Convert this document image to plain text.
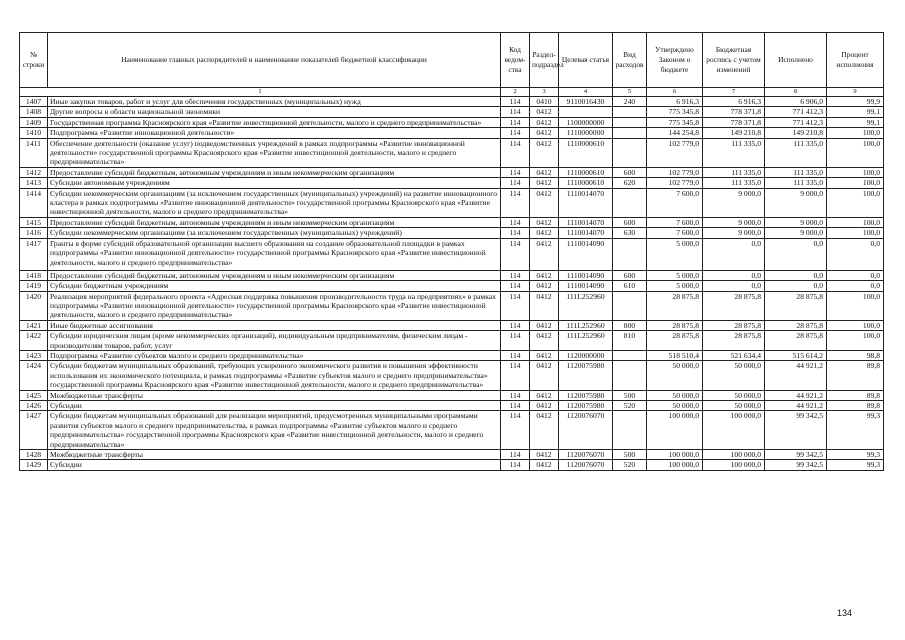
№ строки	Наименование главных распорядителей и наименование показателей бюджетной классификации	Код ведом-ства	Раздел-подраздел	Целевая статья	Вид расходов	Утверждено Законом о бюджете	Бюджетная роспись с учетом изменений	Исполнено	Процент исполнения
1		2	3	4	5	6	7	8	9
1407	Иные закупки товаров, работ и услуг для обеспечения государственных (муниципальных) нужд	114	0410	9110016430	240	6 916,3	6 916,3	6 906,0	99,9
1408	Другие вопросы в области национальной экономики	114	0412			775 345,8	778 371,8	771 412,3	99,1
1409	Государственная программа Красноярского края «Развитие инвестиционной деятельности, малого и среднего предпринимательства»	114	0412	1100000000		775 345,8	778 371,8	771 412,3	99,1
1410	Подпрограмма «Развитие инновационной деятельности»	114	0412	1110000000		144 254,8	149 210,8	149 210,8	100,0
1411	Обеспечение деятельности (оказание услуг) подведомственных учреждений в рамках подпрограммы «Развитие инновационной деятельности» государственной программы Красноярского края «Развитие инвестиционной деятельности, малого и среднего предпринимательства»	114	0412	1110000610		102 779,0	111 335,0	111 335,0	100,0
1412	Предоставление субсидий бюджетным, автономным учреждениям и иным некоммерческим организациям	114	0412	1110000610	600	102 779,0	111 335,0	111 335,0	100,0
1413	Субсидии автономным учреждениям	114	0412	1110000610	620	102 779,0	111 335,0	111 335,0	100,0
1414	Субсидии некоммерческим организациям (за исключением государственных (муниципальных) учреждений) на развитие инновационного кластера в рамках подпрограммы «Развитие инновационной деятельности» государственной программы Красноярского края «Развитие инвестиционной деятельности, малого и среднего предпринимательства»	114	0412	1110014070		7 600,0	9 000,0	9 000,0	100,0
1415	Предоставление субсидий бюджетным, автономным учреждениям и иным некоммерческим организациям	114	0412	1110014070	600	7 600,0	9 000,0	9 000,0	100,0
1416	Субсидии некоммерческим организациям (за исключением государственных (муниципальных) учреждений)	114	0412	1110014070	630	7 600,0	9 000,0	9 000,0	100,0
1417	Гранты в форме субсидий образовательной организации высшего образования на создание образовательной площадки в рамках подпрограммы «Развитие инновационной деятельности» государственной программы Красноярского края «Развитие инвестиционной деятельности, малого и среднего предпринимательства»	114	0412	1110014090		5 000,0	0,0	0,0	0,0
1418	Предоставление субсидий бюджетным, автономным учреждениям и иным некоммерческим организациям	114	0412	1110014090	600	5 000,0	0,0	0,0	0,0
1419	Субсидии бюджетным учреждениям	114	0412	1110014090	610	5 000,0	0,0	0,0	0,0
1420	Реализация мероприятий федерального проекта «Адресная поддержка повышения производительности труда на предприятиях» в рамках подпрограммы «Развитие инновационной деятельности» государственной программы Красноярского края «Развитие инвестиционной деятельности, малого и среднего предпринимательства»	114	0412	111L252960		28 875,8	28 875,8	28 875,8	100,0
1421	Иные бюджетные ассигнования	114	0412	111L252960	800	28 875,8	28 875,8	28 875,8	100,0
1422	Субсидии юридическим лицам (кроме некоммерческих организаций), индивидуальным предпринимателям, физическим лицам - производителям товаров, работ, услуг	114	0412	111L252960	810	28 875,8	28 875,8	28 875,8	100,0
1423	Подпрограмма «Развитие субъектов малого и среднего предпринимательства»	114	0412	1120000000		518 510,4	521 634,4	515 614,2	98,8
1424	Субсидии бюджетам муниципальных образований, требующих ускоренного экономического развития и повышения эффективности использования их экономического потенциала, в рамках подпрограммы «Развитие субъектов малого и среднего предпринимательства» государственной программы Красноярского края «Развитие инвестиционной деятельности, малого и среднего предпринимательства»	114	0412	1120075980		50 000,0	50 000,0	44 921,2	89,8
1425	Межбюджетные трансферты	114	0412	1120075980	500	50 000,0	50 000,0	44 921,2	89,8
1426	Субсидии	114	0412	1120075980	520	50 000,0	50 000,0	44 921,2	89,8
1427	Субсидии бюджетам муниципальных образований для реализации мероприятий, предусмотренных муниципальными программами развития субъектов малого и среднего предпринимательства, в рамках подпрограммы «Развитие субъектов малого и среднего предпринимательства» государственной программы Красноярского края «Развитие инвестиционной деятельности, малого и среднего предпринимательства»	114	0412	1120076070		100 000,0	100 000,0	99 342,5	99,3
1428	Межбюджетные трансферты	114	0412	1120076070	500	100 000,0	100 000,0	99 342,5	99,3
1429	Субсидии	114	0412	1120076070	520	100 000,0	100 000,0	99 342,5	99,3
134
